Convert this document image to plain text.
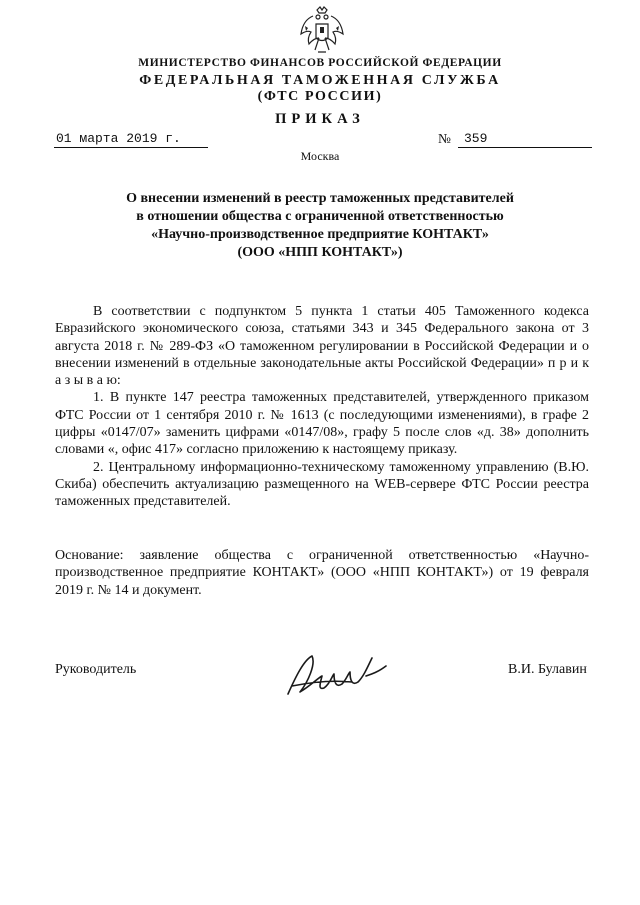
МИНИСТЕРСТВО ФИНАНСОВ РОССИЙСКОЙ ФЕДЕРАЦИИ
ФЕДЕРАЛЬНАЯ ТАМОЖЕННАЯ СЛУЖБА
(ФТС РОССИИ)
ПРИКАЗ
01 марта 2019 г.	№ 359
Москва
О внесении изменений в реестр таможенных представителей
в отношении общества с ограниченной ответственностью
«Научно-производственное предприятие КОНТАКТ»
(ООО «НПП КОНТАКТ»)

В соответствии с подпунктом 5 пункта 1 статьи 405 Таможенного кодекса Евразийского экономического союза, статьями 343 и 345 Федерального закона от 3 августа 2018 г. № 289-ФЗ «О таможенном регулировании в Российской Федерации и о внесении изменений в отдельные законодательные акты Российской Федерации» п р и к а з ы в а ю:

1. В пункте 147 реестра таможенных представителей, утвержденного приказом ФТС России от 1 сентября 2010 г. № 1613 (с последующими изменениями), в графе 2 цифры «0147/07» заменить цифрами «0147/08», графу 5 после слов «д. 38» дополнить словами «, офис 417» согласно приложению к настоящему приказу.

2. Центральному информационно-техническому таможенному управлению (В.Ю. Скиба) обеспечить актуализацию размещенного на WEB-сервере ФТС России реестра таможенных представителей.

Основание: заявление общества с ограниченной ответственностью «Научно-производственное предприятие КОНТАКТ» (ООО «НПП КОНТАКТ») от 19 февраля 2019 г. № 14 и документ.
Руководитель	В.И. Булавин
